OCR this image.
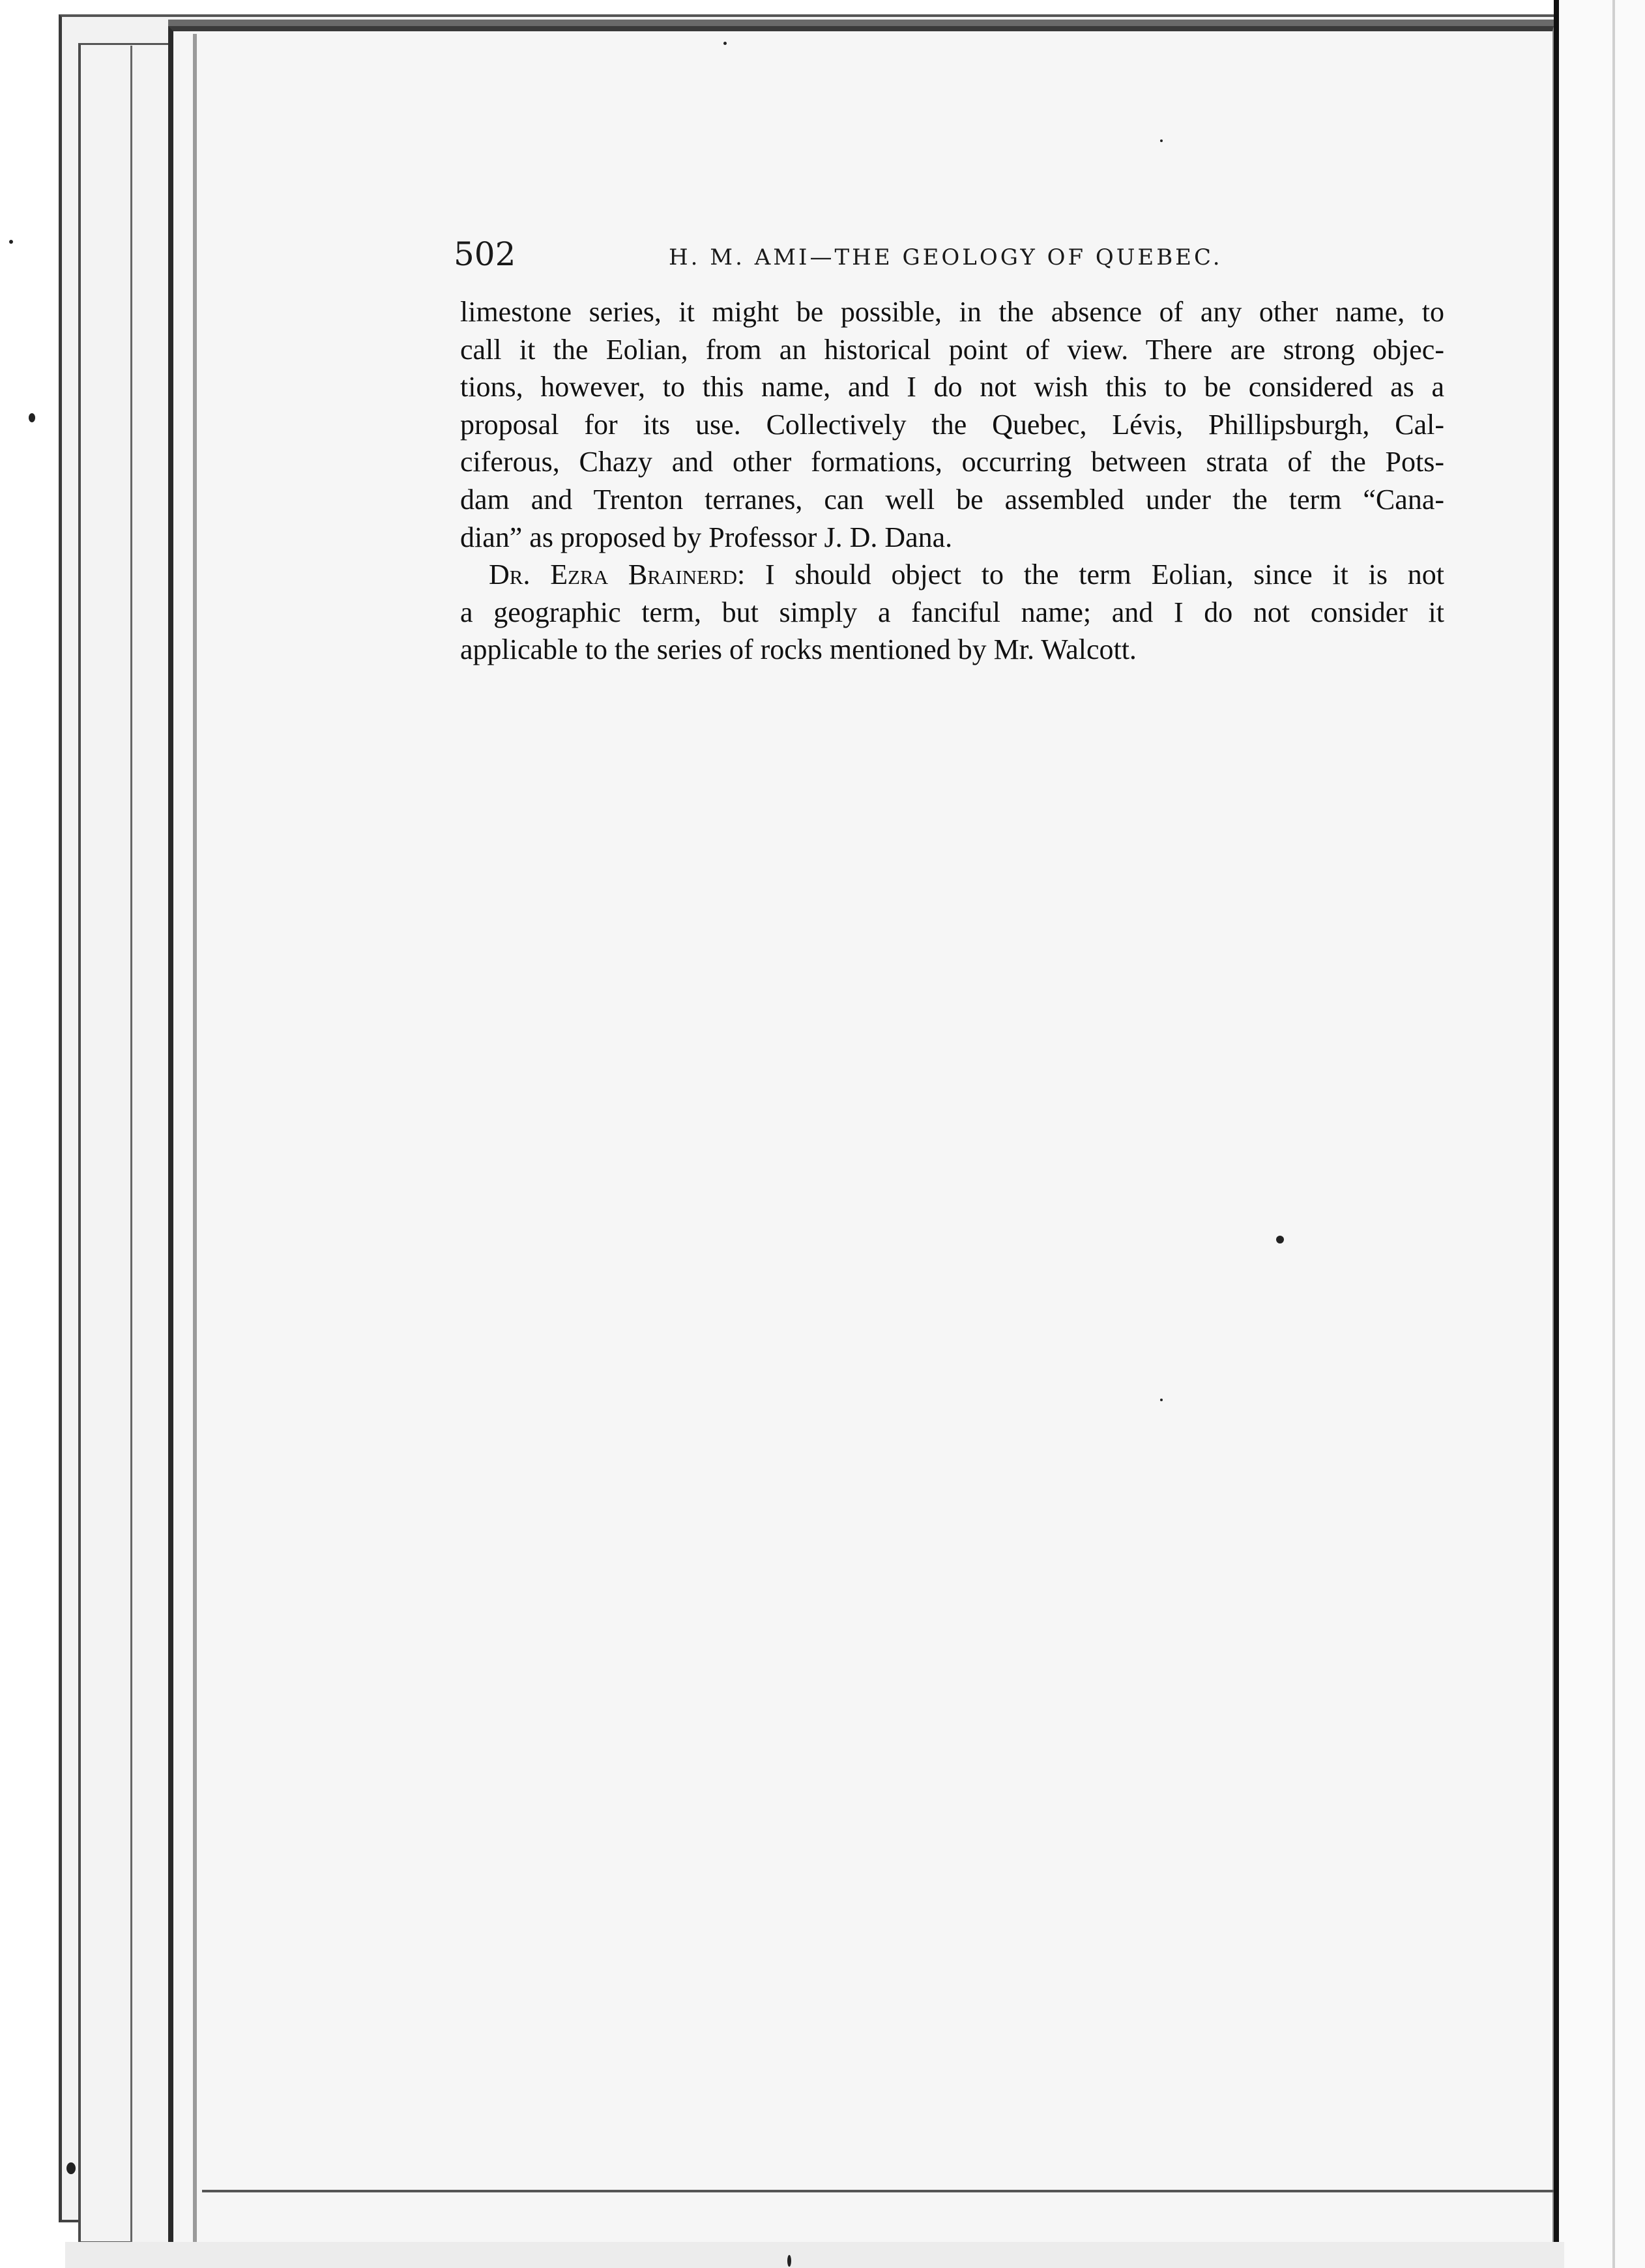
502	H. M. AMI—THE GEOLOGY OF QUEBEC.
limestone series, it might be possible, in the absence of any other name, to
call it the Eolian, from an historical point of view. There are strong objec-
tions, however, to this name, and I do not wish this to be considered as a
proposal for its use. Collectively the Quebec, Lévis, Phillipsburgh, Cal-
ciferous, Chazy and other formations, occurring between strata of the Pots-
dam and Trenton terranes, can well be assembled under the term “Cana-
dian” as proposed by Professor J. D. Dana.
Dr. Ezra Brainerd: I should object to the term Eolian, since it is not
a geographic term, but simply a fanciful name; and I do not consider it
applicable to the series of rocks mentioned by Mr. Walcott.
